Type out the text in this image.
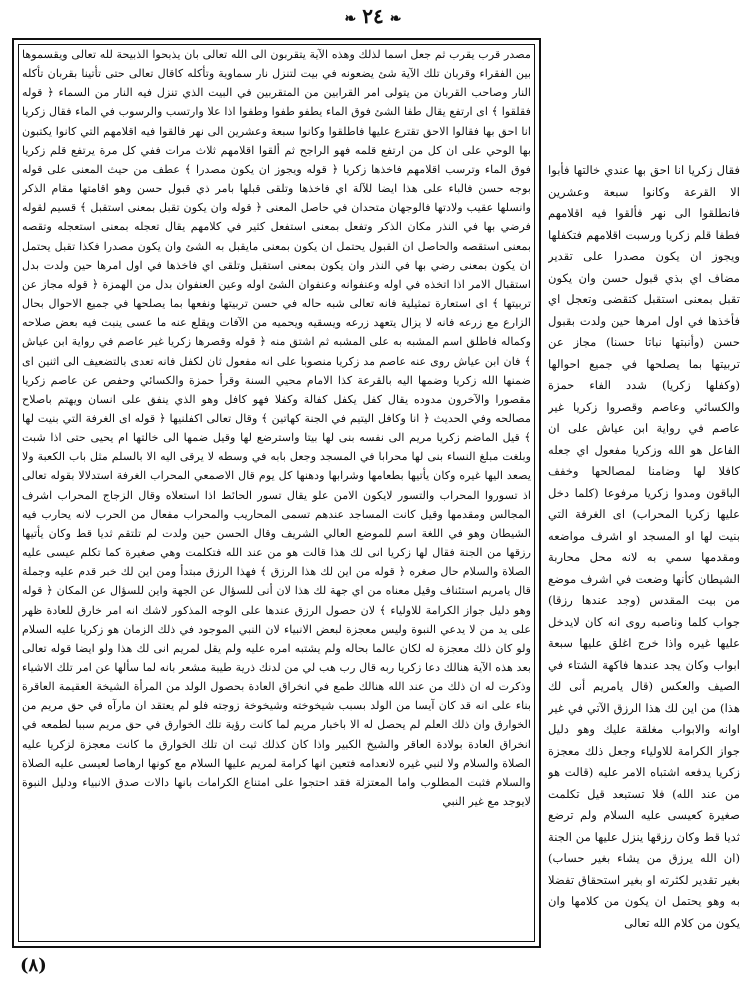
❧ ٢٤ ❧

مصدر قرب يقرب ثم جعل اسما لذلك وهذه الآية يتقربون الى الله تعالى بان يذبحوا الذبيحة لله تعالى ويقسموها بين الفقراء وقربان تلك الآية شئ يضعونه في بيت لتنزل نار سماوية وتأكله كاقال تعالى حتى تأتينا بقربان تأكله النار وصاحب القربان من يتولى امر القرابين من المتقربين في البيت الذي تنزل فيه النار من السماء ﴿ قوله فقلقوا ﴾ اى ارتفع يقال طفا الشئ فوق الماء يطفو طفوا وطفوا اذا علا وارتسب والرسوب في الماء فقال زكريا انا احق بها فقالوا الاحق تقترع عليها فاطلقوا وكانوا سبعة وعشرين الى نهر فالقوا فيه اقلامهم التي كانوا يكتبون بها الوحي على ان كل من ارتفع قلمه فهو الراجح ثم ألقوا اقلامهم ثلاث مرات ففي كل مرة يرتفع قلم زكريا فوق الماء وترسب اقلامهم فاخذها زكريا ﴿ قوله ويجوز ان يكون مصدرا ﴾ عطف من حيث المعنى على قوله بوجه حسن فالباء على هذا ايضا للآلة اي فاخذها وتلقى قبلها بامر ذي قبول حسن وهو اقامتها مقام الذكر وانسلها عقيب ولادتها فالوجهان متحدان في حاصل المعنى ﴿ قوله وان يكون تقبل بمعنى استقبل ﴾ قسيم لقوله فرضي بها في النذر مكان الذكر وتفعل بمعنى استفعل كثير في كلامهم يقال تعجله بمعنى استعجله وتقصه بمعنى استقصه والحاصل ان القبول يحتمل ان يكون بمعنى مايقبل به الشئ وان يكون مصدرا فكذا تقبل يحتمل ان يكون بمعنى رضي بها في النذر وان يكون بمعنى استقبل وتلقى اي فاخذها في اول امرها حين ولدت بدل استقبال الامر اذا اتخذه في اوله وعنفوانه وعنفوان الشئ اوله وعين العنفوان بدل من الهمزة ﴿ قوله مجاز عن تربيتها ﴾ اى استعارة تمثيلية فانه تعالى شبه حاله في حسن تربيتها ونفعها بما يصلحها في جميع الاحوال بحال الزارع مع زرعه فانه لا يزال يتعهد زرعه ويسقيه ويحميه من الآفات ويقلع عنه ما عسى ينبت فيه بعض صلاحه وكماله فاطلق اسم المشبه به على المشبه ثم اشتق منه ﴿ قوله وقصرها زكريا غير عاصم في رواية ابن عياش ﴾ فان ابن عياش روى عنه عاصم مد زكريا منصوبا على انه مفعول ثان لكفل فانه تعدى بالتضعيف الى اثنين اى ضمنها الله زكريا وضمها اليه بالقرعة كذا الامام محيي السنة وقرأ حمزة والكسائي وحفص عن عاصم زكريا مقصورا والآخرون مدوده يقال كفل يكفل كفالة وكفلا فهو كافل وهو الذي ينفق على انسان ويهتم باصلاح مصالحه وفي الحديث ﴿ انا وكافل اليتيم في الجنة كهاتين ﴾ وقال تعالى اكفلنيها ﴿ قوله اى الغرفة التي بنيت لها ﴾ قيل الماضم زكريا مريم الى نفسه بنى لها بيتا واسترضع لها وقيل ضمها الى خالتها ام يحيى حتى اذا شبت وبلغت مبلغ النساء بنى لها محرابا في المسجد وجعل بابه في وسطه لا يرقى اليه الا بالسلم مثل باب الكعبة ولا يصعد اليها غيره وكان يأتيها بطعامها وشرابها ودهنها كل يوم قال الاصمعي المحراب الغرفة استدلالا بقوله تعالى اذ تسوروا المحراب والتسور لايكون الامن علو يقال تسور الحائط اذا استعلاه وقال الزجاج المحراب اشرف المجالس ومقدمها وقيل كانت المساجد عندهم تسمى المحاريب والمحراب مفعال من الحرب لانه يحارب فيه الشيطان وهو في اللغة اسم للموضع العالي الشريف وقال الحسن حين ولدت لم تلتقم ثديا قط وكان يأتيها رزقها من الجنة فقال لها زكريا انى لك هذا قالت هو من عند الله فتكلمت وهي صغيرة كما تكلم عيسى عليه الصلاة والسلام حال صغره ﴿ قوله من اين لك هذا الرزق ﴾ فهذا الرزق مبتدأ ومن اين لك خبر قدم عليه وجملة قال يامريم استئناف وقيل معناه من اي جهة لك هذا لان أنى للسؤال عن الجهة واين للسؤال عن المكان ﴿ قوله وهو دليل جواز الكرامة للاولياء ﴾ لان حصول الرزق عندها على الوجه المذكور لاشك انه امر خارق للعادة ظهر على يد من لا يدعي النبوة وليس معجزة لبعض الانبياء لان النبي الموجود في ذلك الزمان هو زكريا عليه السلام ولو كان ذلك معجزة له لكان عالما بحاله ولم يشتبه امره عليه ولم يقل لمريم انى لك هذا ولو ايضا قوله تعالى بعد هذه الآية هنالك دعا زكريا ربه قال رب هب لي من لدنك ذرية طيبة مشعر بانه لما سألها عن امر تلك الاشياء وذكرت له ان ذلك من عند الله هنالك طمع في انخراق العادة بحصول الولد من المرأة الشيخة العقيمة العاقرة بناء على انه قد كان آيسا من الولد بسبب شيخوخته وشيخوخة زوجته فلو لم يعتقد ان مارآه في حق مريم من الخوارق وان ذلك العلم لم يحصل له الا باخبار مريم لما كانت رؤية تلك الخوارق في حق مريم سببا لطمعه في انخراق العادة بولادة العاقر والشيخ الكبير واذا كان كذلك ثبت ان تلك الخوارق ما كانت معجزة لزكريا عليه الصلاة والسلام ولا لنبي غيره لانعدامه فتعين انها كرامة لمريم عليها السلام مع كونها ارهاصا لعيسى عليه الصلاة والسلام فثبت المطلوب واما المعتزلة فقد احتجوا على امتناع الكرامات بانها دالات صدق الانبياء ودليل النبوة لايوجد مع غير النبي

فقال زكريا انا احق بها عندي خالتها فأبوا الا القرعة وكانوا سبعة وعشرين فانطلقوا الى نهر فألقوا فيه اقلامهم فطفا قلم زكريا ورسبت اقلامهم فتكفلها ويجوز ان يكون مصدرا على تقدير مضاف اي بذي قبول حسن وان يكون تقبل بمعنى استقبل كتقضى وتعجل اي فأخذها في اول امرها حين ولدت بقبول حسن (وأنبتها نباتا حسنا) مجاز عن تربيتها بما يصلحها في جميع احوالها (وكفلها زكريا) شدد الفاء حمزة والكسائي وعاصم وقصروا زكريا غير عاصم في رواية ابن عياش على ان الفاعل هو الله وزكريا مفعول اي جعله كافلا لها وضامنا لمصالحها وخفف الباقون ومدوا زكريا مرفوعا (كلما دخل عليها زكريا المحراب) اى الغرفة التي بنيت لها او المسجد او اشرف مواضعه ومقدمها سمي به لانه محل محاربة الشيطان كأنها وضعت في اشرف موضع من بيت المقدس (وجد عندها رزقا) جواب كلما وناصبه روى انه كان لايدخل عليها غيره واذا خرج اغلق عليها سبعة ابواب وكان يجد عندها فاكهة الشتاء في الصيف والعكس (قال يامريم أنى لك هذا) من اين لك هذا الرزق الآتي في غير اوانه والابواب مغلقة عليك وهو دليل جواز الكرامة للاولياء وجعل ذلك معجزة زكريا يدفعه اشتباه الامر عليه (قالت هو من عند الله) فلا تستبعد قيل تكلمت صغيرة كعيسى عليه السلام ولم ترضع ثديا قط وكان رزقها ينزل عليها من الجنة (ان الله يرزق من يشاء بغير حساب) بغير تقدير لكثرته او بغير استحقاق تفضلا به وهو يحتمل ان يكون من كلامها وان يكون من كلام الله تعالى

(٨)
